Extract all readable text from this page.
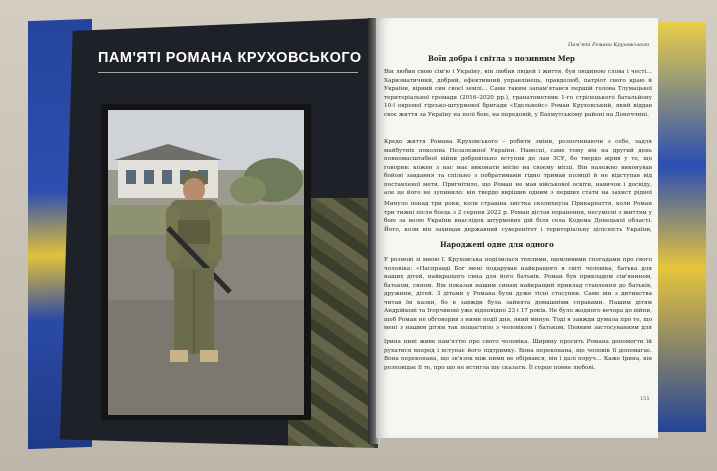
ПАМ'ЯТІ РОМАНА КРУХОВСЬКОГО
Пам'яті Романа Круховського
Воїн добра і світла з позивним Мер

Він любив свою сім'ю і Україну, він любив людей і життя, був людиною слова і честі… Харизматичний, добрий, ефективний управлінець, правдолюб, патріот свого краю й України, вірний син своєї землі… Саме таким запам'ятався першій голова Тлумацької територіальної громади (2016–2020 рр.), гранатометник 1-го стрілецького батальйону 10-ї окремої гірсько-штурмової бригади «Едельвейс» Роман Круховський, який віддав своє життя за Україну на полі бою, на передовій, у Бахмутському районі на Донеччині.

Кредо життя Романа Круховського – робити зміни, розпочинаючи з себе, задля майбутніх поколінь Незалежної України. Навесні, саме тому він на другий день повномасштабної війни добровільно вступив до лав ЗСУ, бо твердо вірив у те, що говорив: кожен з нас має виконати місію на своєму місці. Він належно виконував бойові завдання та спільно з побратимами гідно тримав позиції й не відступав від поставленої мети. Пригнітило, що Роман не мав військової освіти, навичок і досвіду, але це його не зупинило: він твердо вирішив одним з перших стати на захист рідної

Минуло понад три роки, коли страшна звістка сколихнула Прикарпаття, коли Роман три тижні після боєць з 2 серпня 2022 р. Роман дістав поранення, несумісні з життям у бою за волю України внаслідок штурмових дій біля села Кодема Донецької області. Його, коли він захищав державний суверенітет і територіальну цілісність України,

Народжені одне для одного

У розмові зі мною І. Круховська поділилася теплими, щемливими спогадами про свого чоловіка: «Насправді Бог мені подарував найкращого в світі чоловіка, батька для наших дітей, найкращого сина для його батьків. Роман був прикладом сім'янином, батьком, сином. Він показав нашим синам найкращий приклад ставлення до батьків, дружини, дітей. З дітьми у Романа були дуже тісні стосунки. Саме він з дитинства читав їм казки, бо в завжди була зайнята домашніми справами. Нашим дітям Андрійкові та Ігорчикові уже відповідно 23 і 17 років. Не було жодного вечора до війни, щоб Роман не обговорив з ними події дня, який минув. Тоді я завжди думала про те, що мені з нашим дітям так пощастило з чоловіком і батьком. Певним застосуванням для

Ірина нині живе пам'яттю про свого чоловіка. Ширину просить Романа допомогти їй рухатися вперед і вступає його підтримку. Вона переконана, що чоловік її допомагає. Вона переконана, що зв'язок між ними не обірвався, він і далі поруч… Каже Ірина, він розповідає її те, про що не встигла ще сказати. Її серце повне любові.

155
